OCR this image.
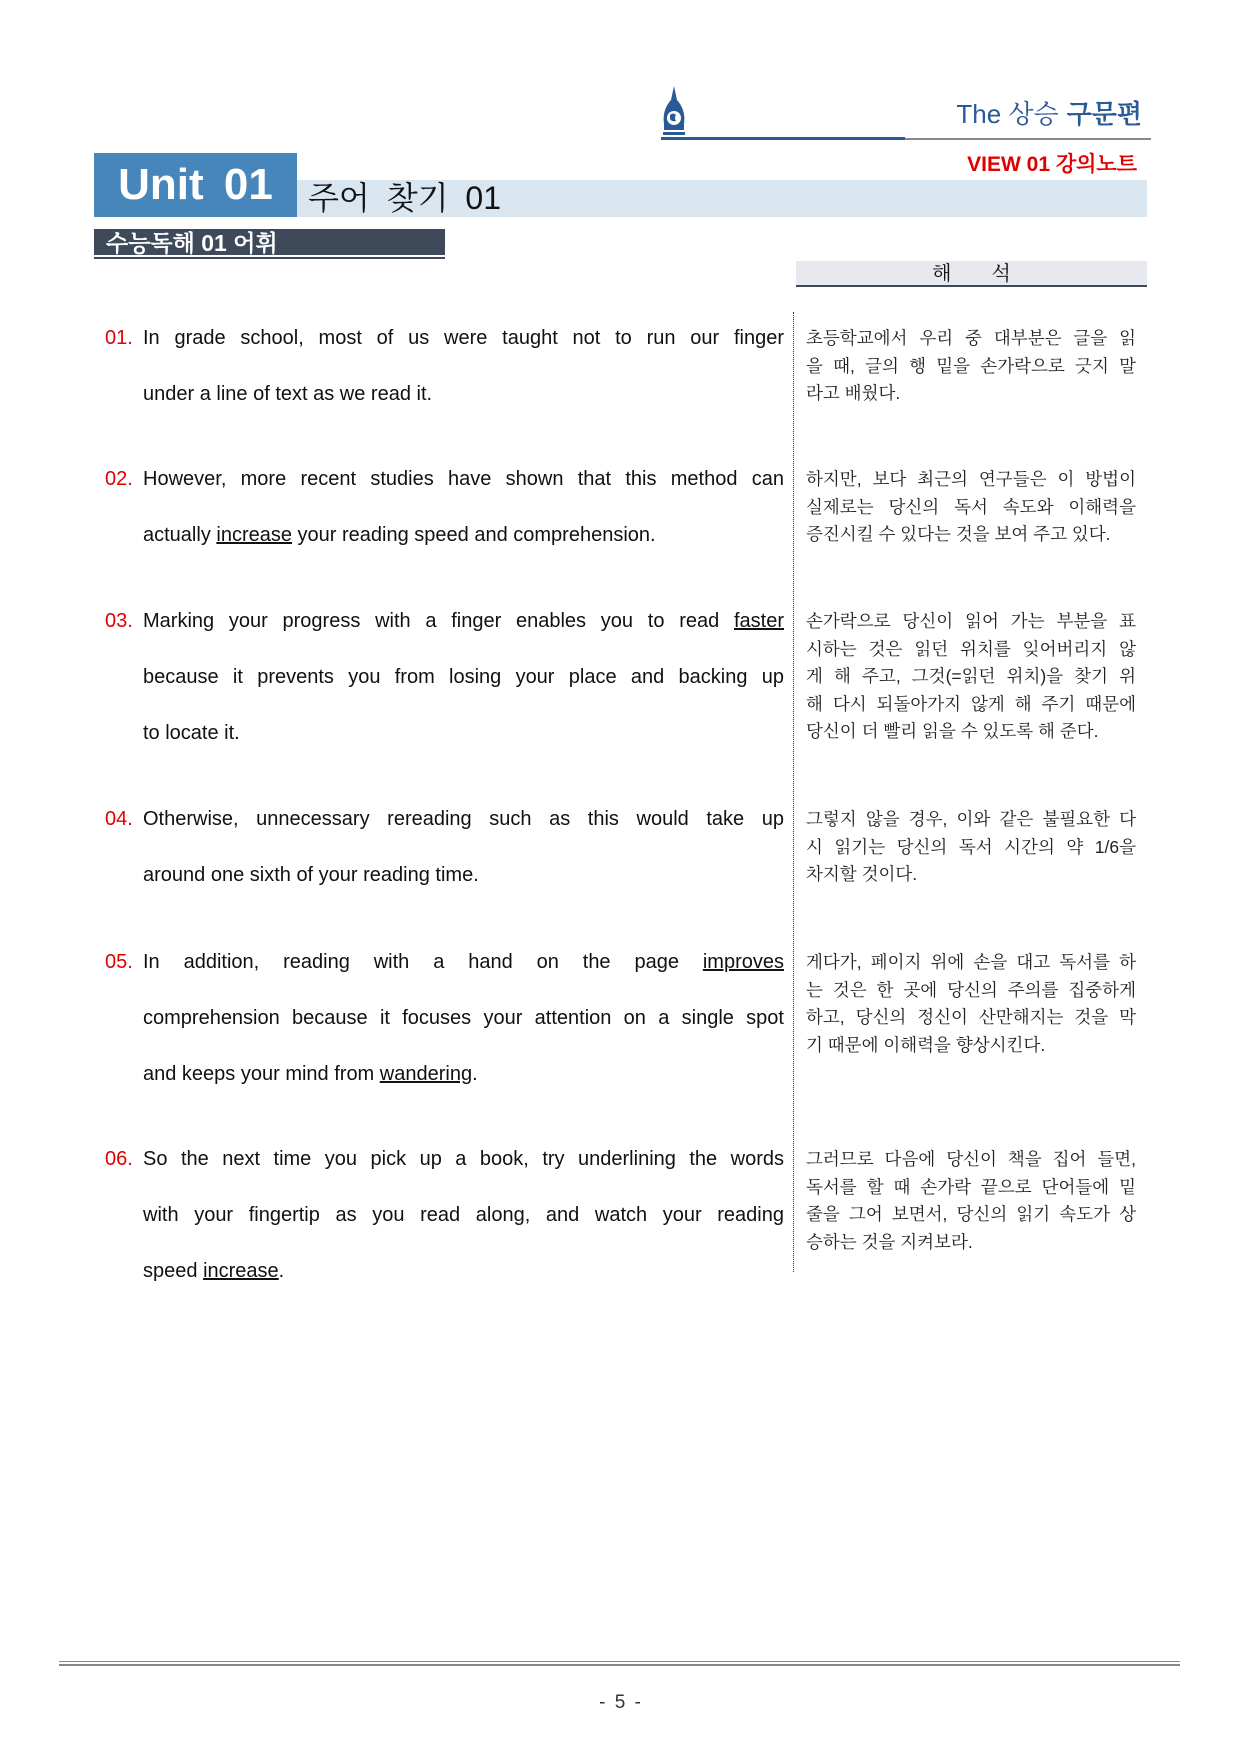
The 상승 구문편
VIEW 01 강의노트
Unit 01	주어 찾기 01
수능독해 01 어휘
해석
01. In grade school, most of us were taught not to run our finger
under a line of text as we read it.
초등학교에서 우리 중 대부분은 글을 읽
을 때, 글의 행 밑을 손가락으로 긋지 말
라고 배웠다.
02. However, more recent studies have shown that this method can
actually increase your reading speed and comprehension.
하지만, 보다 최근의 연구들은 이 방법이
실제로는 당신의 독서 속도와 이해력을
증진시킬 수 있다는 것을 보여 주고 있다.
03. Marking your progress with a finger enables you to read faster
because it prevents you from losing your place and backing up
to locate it.
손가락으로 당신이 읽어 가는 부분을 표
시하는 것은 읽던 위치를 잊어버리지 않
게 해 주고, 그것(=읽던 위치)을 찾기 위
해 다시 되돌아가지 않게 해 주기 때문에
당신이 더 빨리 읽을 수 있도록 해 준다.
04. Otherwise, unnecessary rereading such as this would take up
around one sixth of your reading time.
그렇지 않을 경우, 이와 같은 불필요한 다
시 읽기는 당신의 독서 시간의 약 1/6을
차지할 것이다.
05. In addition, reading with a hand on the page improves
comprehension because it focuses your attention on a single spot
and keeps your mind from wandering.
게다가, 페이지 위에 손을 대고 독서를 하
는 것은 한 곳에 당신의 주의를 집중하게
하고, 당신의 정신이 산만해지는 것을 막
기 때문에 이해력을 향상시킨다.
06. So the next time you pick up a book, try underlining the words
with your fingertip as you read along, and watch your reading
speed increase.
그러므로 다음에 당신이 책을 집어 들면,
독서를 할 때 손가락 끝으로 단어들에 밑
줄을 그어 보면서, 당신의 읽기 속도가 상
승하는 것을 지켜보라.
- 5 -
